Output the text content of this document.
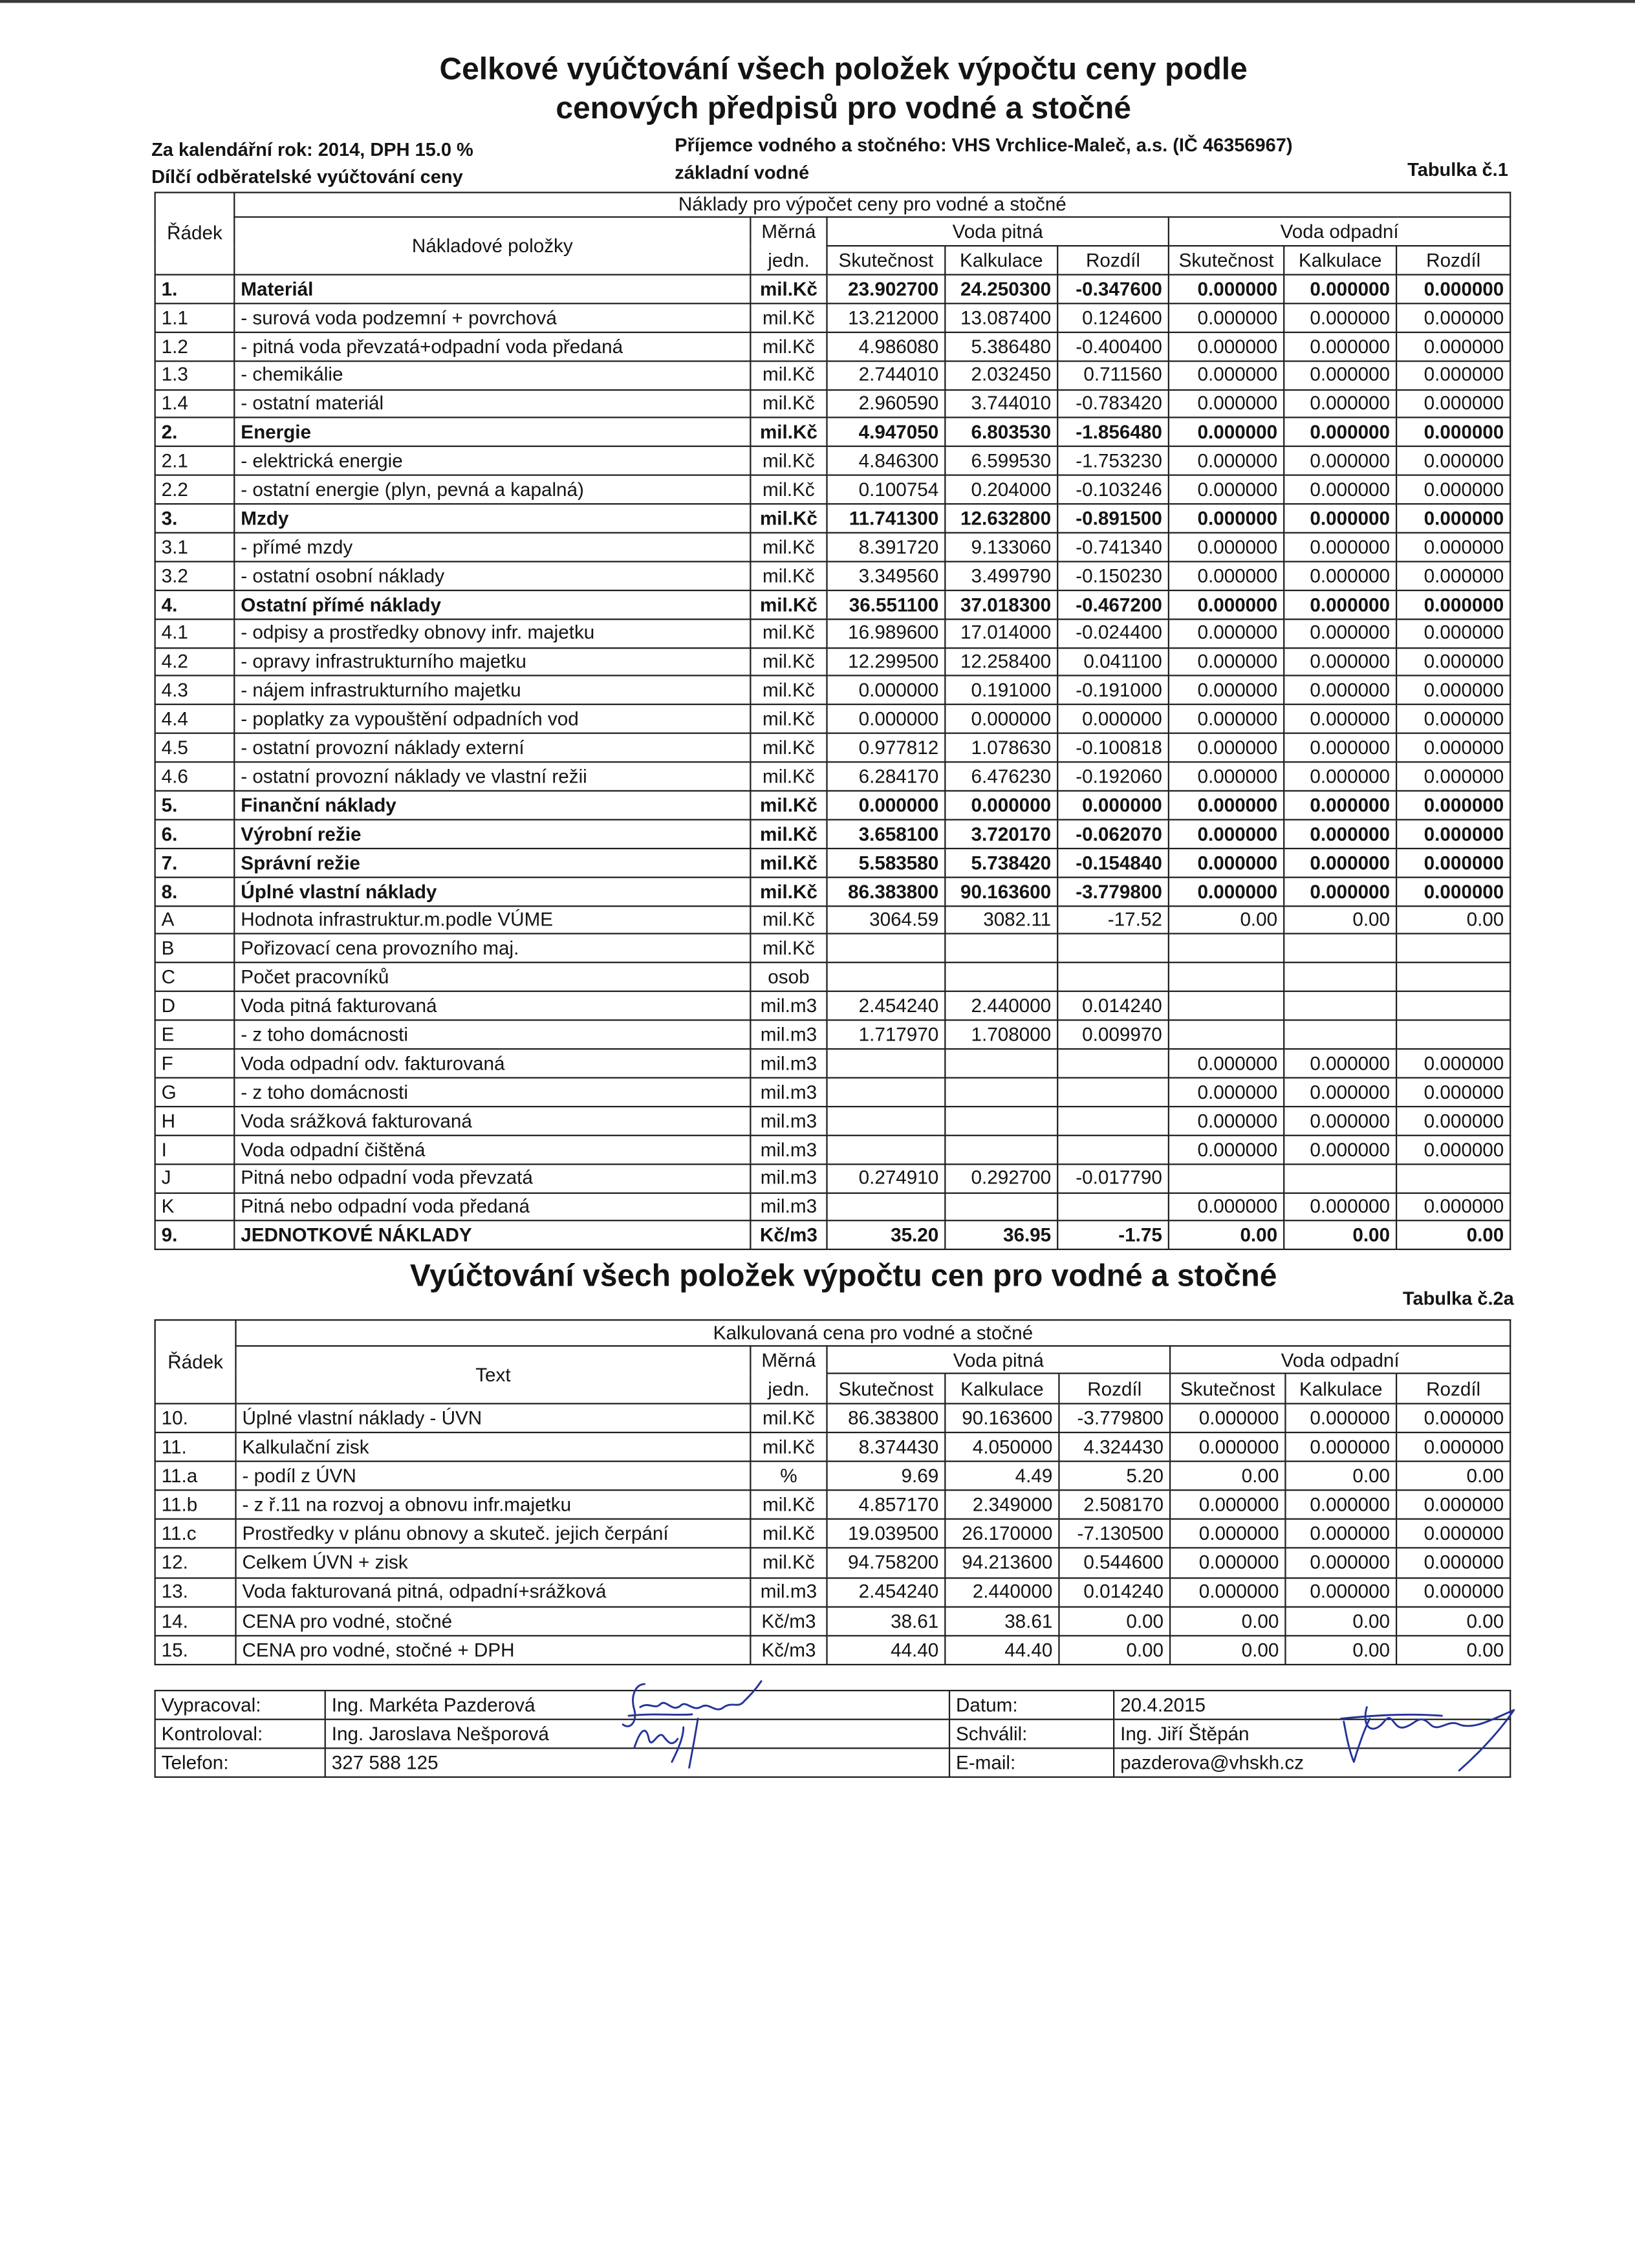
Celkové vyúčtování všech položek výpočtu ceny podle
cenových předpisů pro vodné a stočné
Za kalendářní rok: 2014, DPH 15.0 %
Dílčí odběratelské vyúčtování ceny
Příjemce vodného a stočného: VHS Vrchlice-Maleč, a.s. (IČ 46356967)
základní vodné	Tabulka č.1
Řádek	Náklady pro výpočet ceny pro vodné a stočné							
	Nákladové položky	Měrná
jedn.	Voda pitná			Voda odpadní		
			Skutečnost	Kalkulace	Rozdíl	Skutečnost	Kalkulace	Rozdíl
1.	Materiál	mil.Kč	23.902700	24.250300	-0.347600	0.000000	0.000000	0.000000
1.1	- surová voda podzemní + povrchová	mil.Kč	13.212000	13.087400	0.124600	0.000000	0.000000	0.000000
1.2	- pitná voda převzatá+odpadní voda předaná	mil.Kč	4.986080	5.386480	-0.400400	0.000000	0.000000	0.000000
1.3	- chemikálie	mil.Kč	2.744010	2.032450	0.711560	0.000000	0.000000	0.000000
1.4	- ostatní materiál	mil.Kč	2.960590	3.744010	-0.783420	0.000000	0.000000	0.000000
2.	Energie	mil.Kč	4.947050	6.803530	-1.856480	0.000000	0.000000	0.000000
2.1	- elektrická energie	mil.Kč	4.846300	6.599530	-1.753230	0.000000	0.000000	0.000000
2.2	- ostatní energie (plyn, pevná a kapalná)	mil.Kč	0.100754	0.204000	-0.103246	0.000000	0.000000	0.000000
3.	Mzdy	mil.Kč	11.741300	12.632800	-0.891500	0.000000	0.000000	0.000000
3.1	- přímé mzdy	mil.Kč	8.391720	9.133060	-0.741340	0.000000	0.000000	0.000000
3.2	- ostatní osobní náklady	mil.Kč	3.349560	3.499790	-0.150230	0.000000	0.000000	0.000000
4.	Ostatní přímé náklady	mil.Kč	36.551100	37.018300	-0.467200	0.000000	0.000000	0.000000
4.1	- odpisy a prostředky obnovy infr. majetku	mil.Kč	16.989600	17.014000	-0.024400	0.000000	0.000000	0.000000
4.2	- opravy infrastrukturního majetku	mil.Kč	12.299500	12.258400	0.041100	0.000000	0.000000	0.000000
4.3	- nájem infrastrukturního majetku	mil.Kč	0.000000	0.191000	-0.191000	0.000000	0.000000	0.000000
4.4	- poplatky za vypouštění odpadních vod	mil.Kč	0.000000	0.000000	0.000000	0.000000	0.000000	0.000000
4.5	- ostatní provozní náklady externí	mil.Kč	0.977812	1.078630	-0.100818	0.000000	0.000000	0.000000
4.6	- ostatní provozní náklady ve vlastní režii	mil.Kč	6.284170	6.476230	-0.192060	0.000000	0.000000	0.000000
5.	Finanční náklady	mil.Kč	0.000000	0.000000	0.000000	0.000000	0.000000	0.000000
6.	Výrobní režie	mil.Kč	3.658100	3.720170	-0.062070	0.000000	0.000000	0.000000
7.	Správní režie	mil.Kč	5.583580	5.738420	-0.154840	0.000000	0.000000	0.000000
8.	Úplné vlastní náklady	mil.Kč	86.383800	90.163600	-3.779800	0.000000	0.000000	0.000000
A	Hodnota infrastruktur.m.podle VÚME	mil.Kč	3064.59	3082.11	-17.52	0.00	0.00	0.00
B	Pořizovací cena provozního maj.	mil.Kč						
C	Počet pracovníků	osob						
D	Voda pitná fakturovaná	mil.m3	2.454240	2.440000	0.014240			
E	- z toho domácnosti	mil.m3	1.717970	1.708000	0.009970			
F	Voda odpadní odv. fakturovaná	mil.m3				0.000000	0.000000	0.000000
G	- z toho domácnosti	mil.m3				0.000000	0.000000	0.000000
H	Voda srážková fakturovaná	mil.m3				0.000000	0.000000	0.000000
I	Voda odpadní čištěná	mil.m3				0.000000	0.000000	0.000000
J	Pitná nebo odpadní voda převzatá	mil.m3	0.274910	0.292700	-0.017790			
K	Pitná nebo odpadní voda předaná	mil.m3				0.000000	0.000000	0.000000
9.	JEDNOTKOVÉ NÁKLADY	Kč/m3	35.20	36.95	-1.75	0.00	0.00	0.00
Vyúčtování všech položek výpočtu cen pro vodné a stočné
Tabulka č.2a
Řádek	Kalkulovaná cena pro vodné a stočné							
	Text	Měrná
jedn.	Voda pitná			Voda odpadní		
			Skutečnost	Kalkulace	Rozdíl	Skutečnost	Kalkulace	Rozdíl
10.	Úplné vlastní náklady - ÚVN	mil.Kč	86.383800	90.163600	-3.779800	0.000000	0.000000	0.000000
11.	Kalkulační zisk	mil.Kč	8.374430	4.050000	4.324430	0.000000	0.000000	0.000000
11.a	- podíl z ÚVN	%	9.69	4.49	5.20	0.00	0.00	0.00
11.b	- z ř.11 na rozvoj a obnovu infr.majetku	mil.Kč	4.857170	2.349000	2.508170	0.000000	0.000000	0.000000
11.c	Prostředky v plánu obnovy a skuteč. jejich čerpání	mil.Kč	19.039500	26.170000	-7.130500	0.000000	0.000000	0.000000
12.	Celkem ÚVN + zisk	mil.Kč	94.758200	94.213600	0.544600	0.000000	0.000000	0.000000
13.	Voda fakturovaná pitná, odpadní+srážková	mil.m3	2.454240	2.440000	0.014240	0.000000	0.000000	0.000000
14.	CENA pro vodné, stočné	Kč/m3	38.61	38.61	0.00	0.00	0.00	0.00
15.	CENA pro vodné, stočné + DPH	Kč/m3	44.40	44.40	0.00	0.00	0.00	0.00
Vypracoval:	Ing. Markéta Pazderová	Datum:	20.4.2015
Kontroloval:	Ing. Jaroslava Nešporová	Schválil:	Ing. Jiří Štěpán
Telefon:	327 588 125	E-mail:	pazderova@vhskh.cz
